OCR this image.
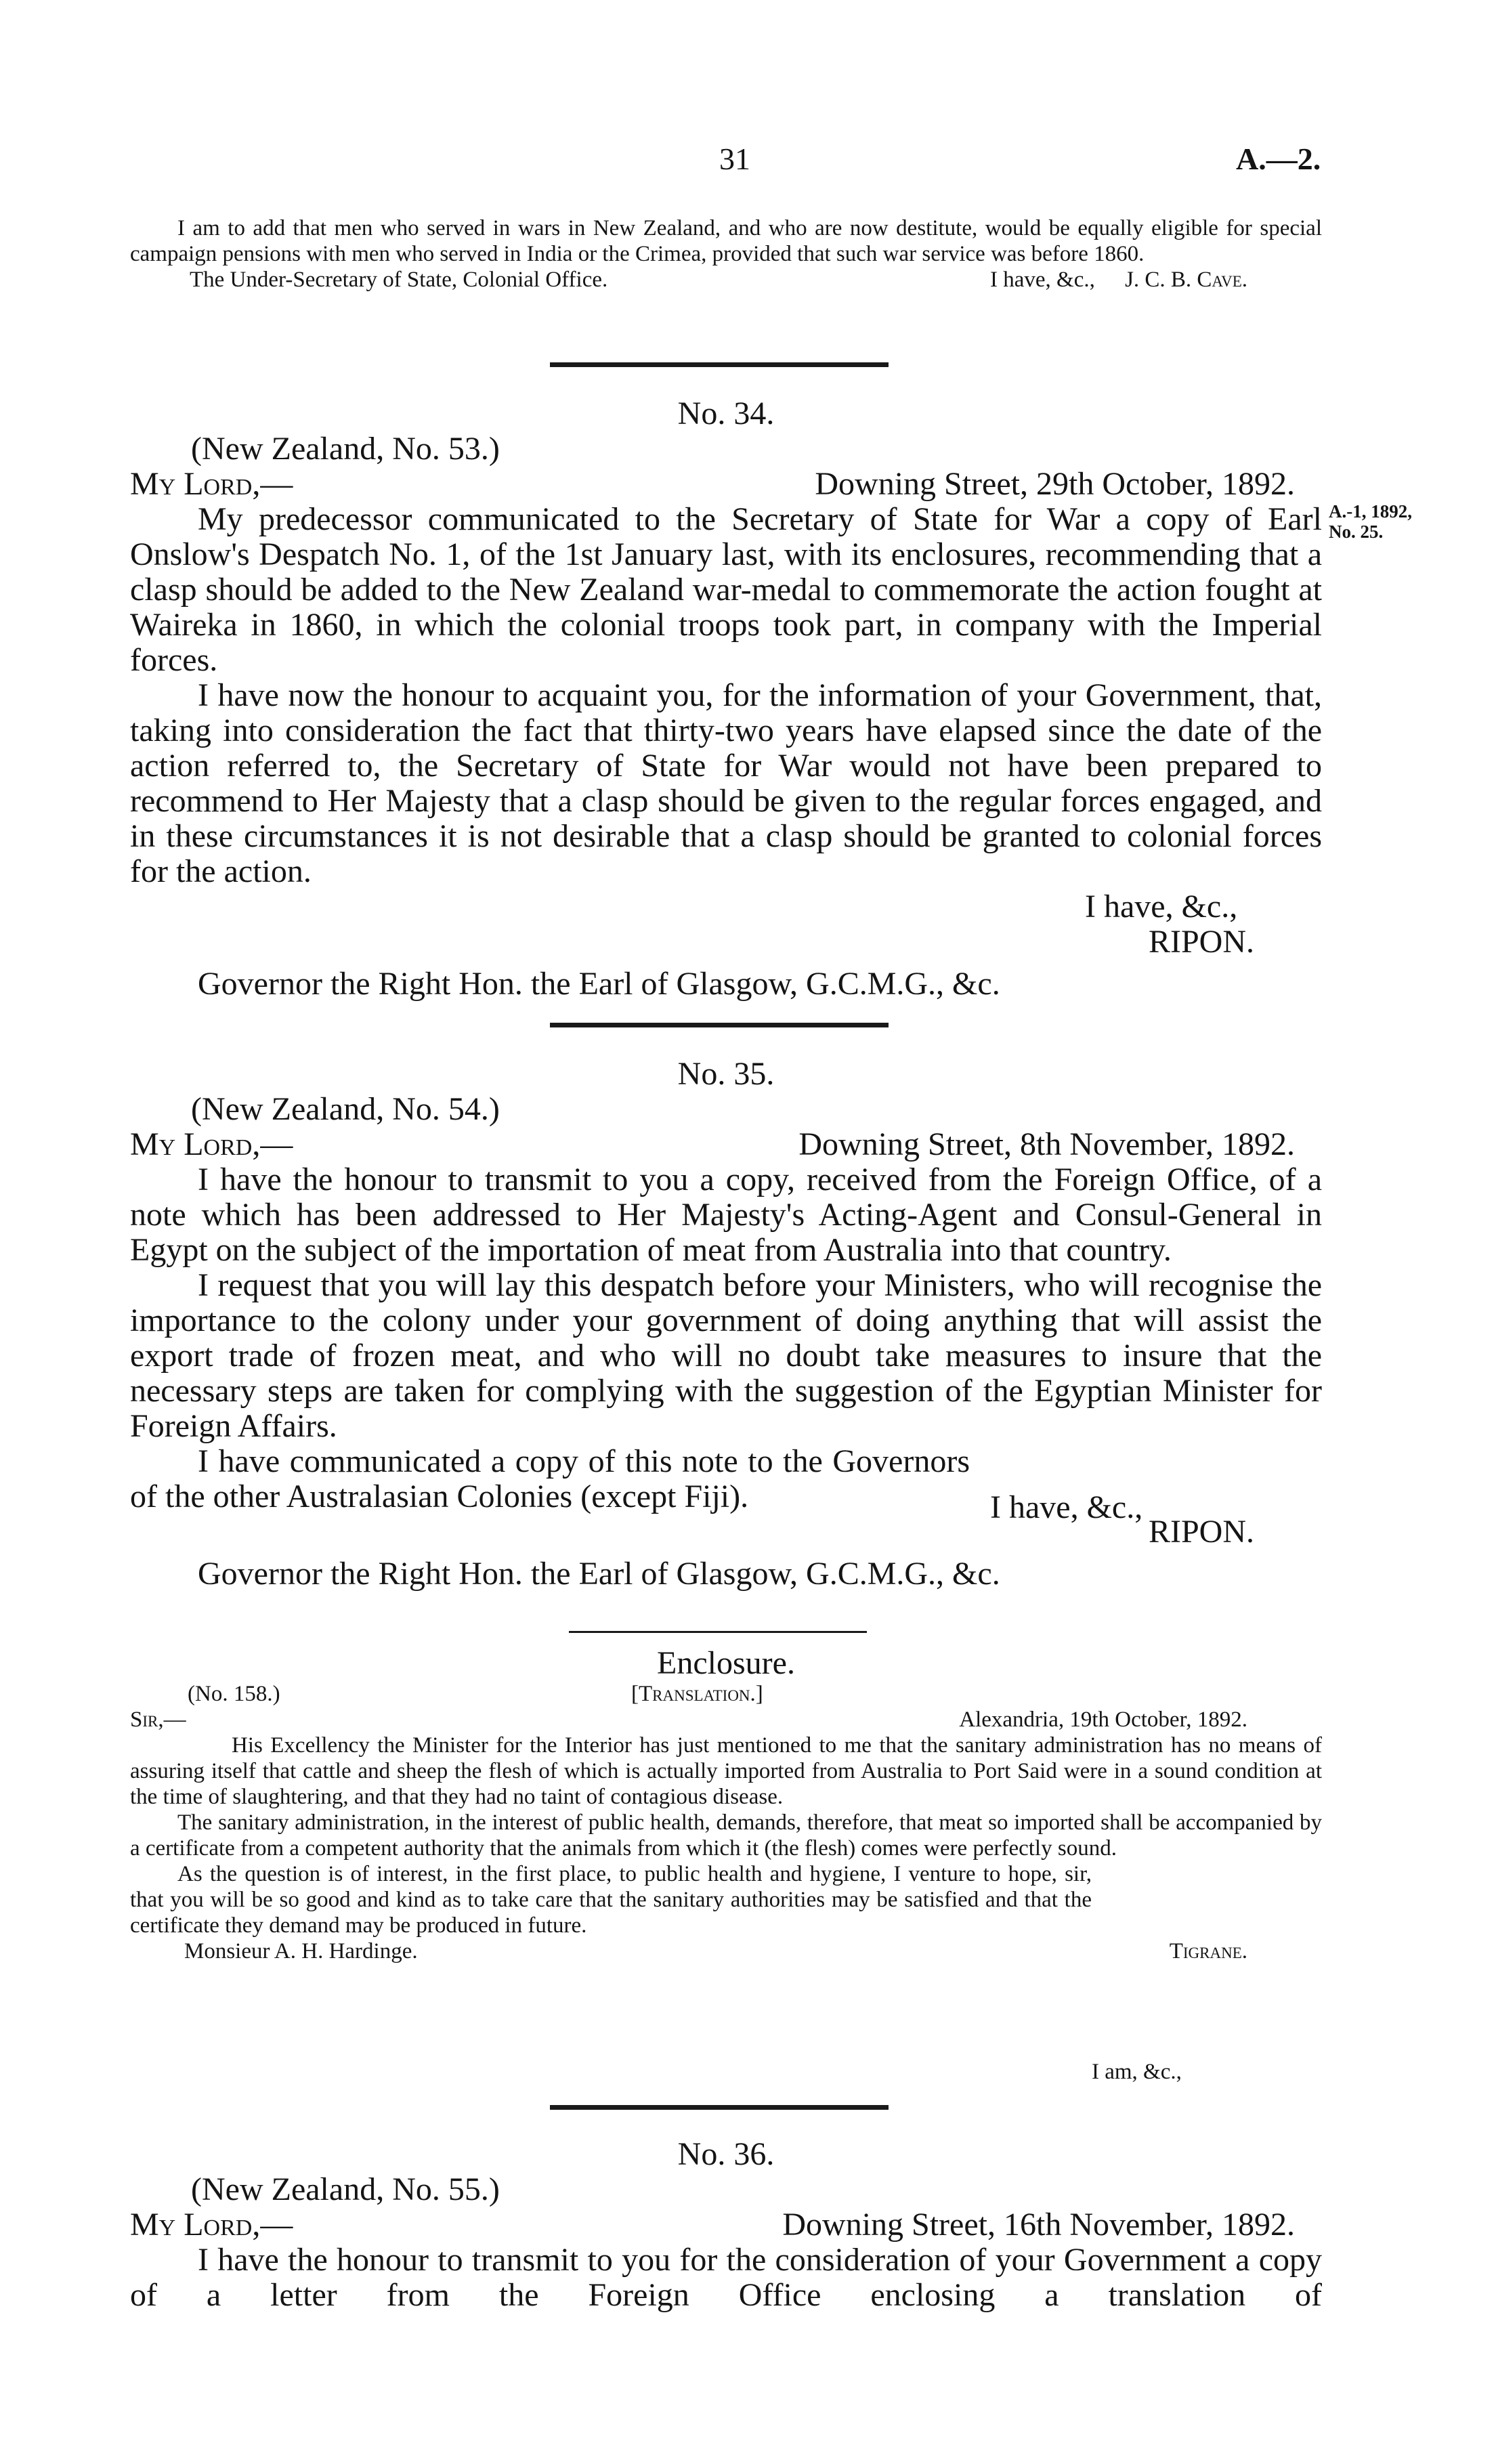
31	A.—2.

I am to add that men who served in wars in New Zealand, and who are now destitute, would be equally eligible for special campaign pensions with men who served in India or the Crimea, provided that such war service was before 1860.

I have, &c.,

The Under-Secretary of State, Colonial Office.	J. C. B. Cave.

No. 34.

(New Zealand, No. 53.)

My Lord,—	Downing Street, 29th October, 1892.

My predecessor communicated to the Secretary of State for War a copy of Earl Onslow's Despatch No. 1, of the 1st January last, with its enclosures, recommending that a clasp should be added to the New Zealand war-medal to commemorate the action fought at Waireka in 1860, in which the colonial troops took part, in company with the Imperial forces.

I have now the honour to acquaint you, for the information of your Government, that, taking into consideration the fact that thirty-two years have elapsed since the date of the action referred to, the Secretary of State for War would not have been prepared to recommend to Her Majesty that a clasp should be given to the regular forces engaged, and in these circumstances it is not desirable that a clasp should be granted to colonial forces for the action.

I have, &c.,

RIPON.

Governor the Right Hon. the Earl of Glasgow, G.C.M.G., &c.

A.-1, 1892,
No. 25.

No. 35.

(New Zealand, No. 54.)

My Lord,—	Downing Street, 8th November, 1892.

I have the honour to transmit to you a copy, received from the Foreign Office, of a note which has been addressed to Her Majesty's Acting-Agent and Consul-General in Egypt on the subject of the importation of meat from Australia into that country.

I request that you will lay this despatch before your Ministers, who will recognise the importance to the colony under your government of doing anything that will assist the export trade of frozen meat, and who will no doubt take measures to insure that the necessary steps are taken for complying with the suggestion of the Egyptian Minister for Foreign Affairs.

I have communicated a copy of this note to the Governors of the other Australasian Colonies (except Fiji).	I have, &c.,

RIPON.

Governor the Right Hon. the Earl of Glasgow, G.C.M.G., &c.

Enclosure.

(No. 158.)	[Translation.]
Sir,—	Alexandria, 19th October, 1892.

His Excellency the Minister for the Interior has just mentioned to me that the sanitary administration has no means of assuring itself that cattle and sheep the flesh of which is actually imported from Australia to Port Said were in a sound condition at the time of slaughtering, and that they had no taint of contagious disease.

The sanitary administration, in the interest of public health, demands, therefore, that meat so imported shall be accompanied by a certificate from a competent authority that the animals from which it (the flesh) comes were perfectly sound.

As the question is of interest, in the first place, to public health and hygiene, I venture to hope, sir, that you will be so good and kind as to take care that the sanitary authorities may be satisfied and that the certificate they demand may be produced in future.

I am, &c.,

Monsieur A. H. Hardinge.	Tigrane.

No. 36.

(New Zealand, No. 55.)

My Lord,—	Downing Street, 16th November, 1892.

I have the honour to transmit to you for the consideration of your Government a copy of a letter from the Foreign Office enclosing a translation of
